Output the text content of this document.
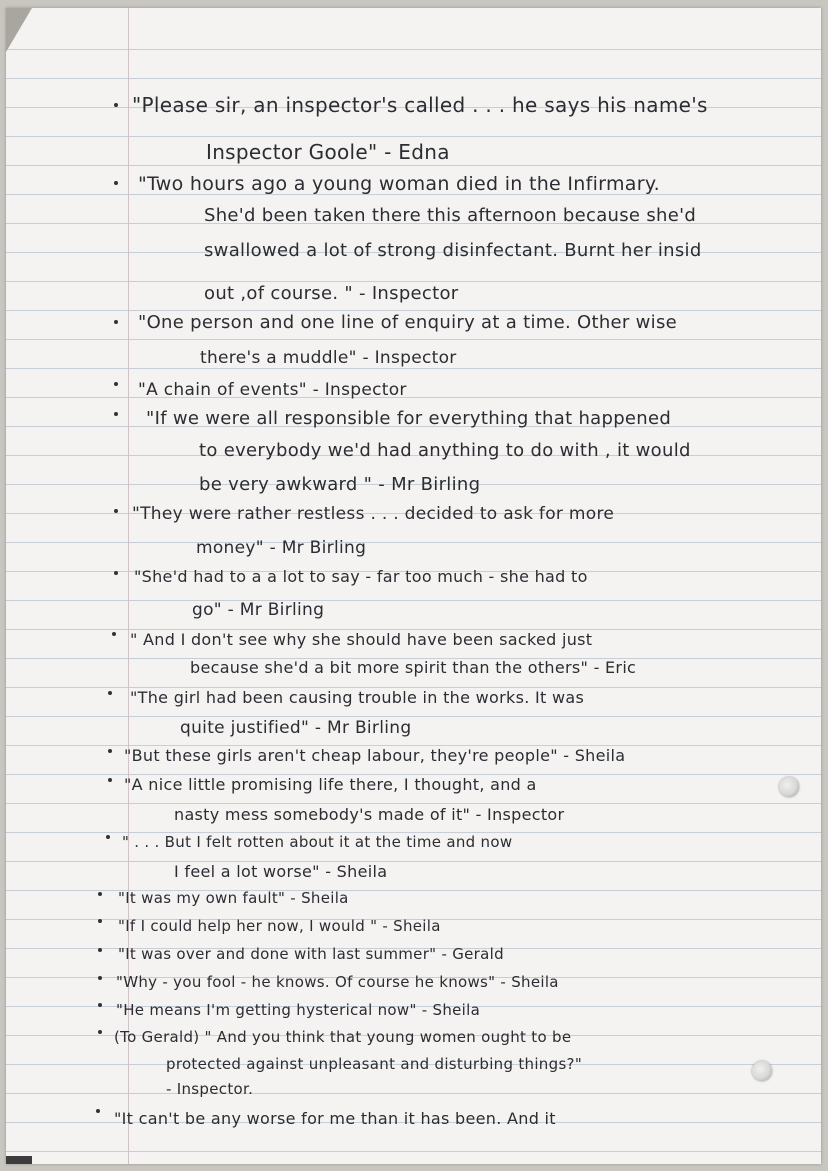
"Please sir, an inspector's called . . . he says his name's
Inspector Goole" - Edna
"Two hours ago a young woman died in the Infirmary.
She'd been taken there this afternoon because she'd
swallowed a lot of strong disinfectant. Burnt her insid
out ,of course. " - Inspector
"One person and one line of enquiry at a time. Other wise
there's a muddle" - Inspector
"A chain of events" - Inspector
"If we were all responsible for everything that happened
to everybody we'd had anything to do with , it would
be very awkward " - Mr Birling
"They were rather restless . . . decided to ask for more
money" - Mr Birling
"She'd had to a a lot to say - far too much - she had to
go" - Mr Birling
" And I don't see why she should have been sacked just
because she'd a bit more spirit than the others" - Eric
"The girl had been causing trouble in the works. It was
quite justified" - Mr Birling
"But these girls aren't cheap labour, they're people" - Sheila
"A nice little promising life there, I thought, and a
nasty mess somebody's made of it" - Inspector
" . . . But I felt rotten about it at the time and now
I feel a lot worse" - Sheila
"It was my own fault" - Sheila
"If I could help her now, I would " - Sheila
"It was over and done with last summer" - Gerald
"Why - you fool - he knows. Of course he knows" - Sheila
"He means I'm getting hysterical now" - Sheila
(To Gerald) " And you think that young women ought to be
protected against unpleasant and disturbing things?"
- Inspector.
"It can't be any worse for me than it has been. And it
